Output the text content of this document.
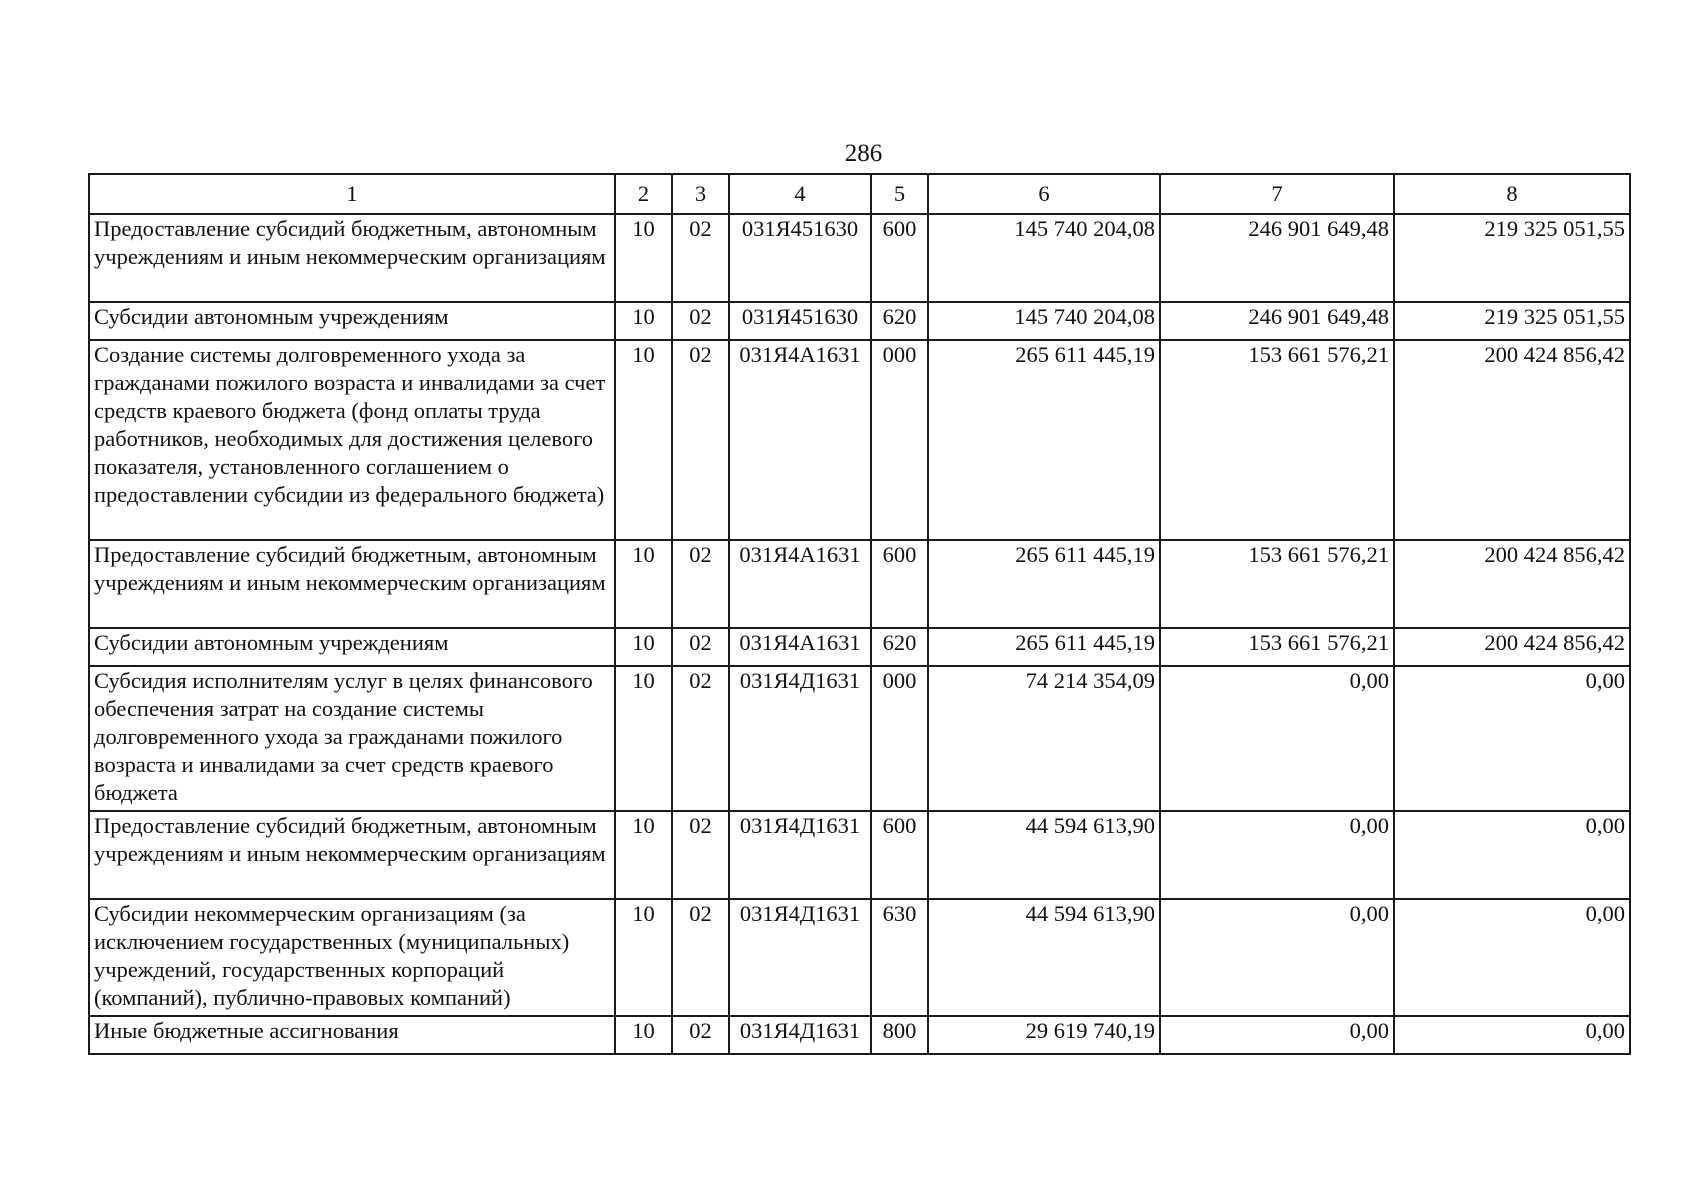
286
1	2	3	4	5	6	7	8
Предоставление субсидий бюджетным, автономным учреждениям и иным некоммерческим организациям	10	02	031Я451630	600	145 740 204,08	246 901 649,48	219 325 051,55
Субсидии автономным учреждениям	10	02	031Я451630	620	145 740 204,08	246 901 649,48	219 325 051,55
Создание системы долговременного ухода за гражданами пожилого возраста и инвалидами за счет средств краевого бюджета (фонд оплаты труда работников, необходимых для достижения целевого показателя, установленного соглашением о предоставлении субсидии из федерального бюджета)	10	02	031Я4А1631	000	265 611 445,19	153 661 576,21	200 424 856,42
Предоставление субсидий бюджетным, автономным учреждениям и иным некоммерческим организациям	10	02	031Я4А1631	600	265 611 445,19	153 661 576,21	200 424 856,42
Субсидии автономным учреждениям	10	02	031Я4А1631	620	265 611 445,19	153 661 576,21	200 424 856,42
Субсидия исполнителям услуг в целях финансового обеспечения затрат на создание системы долговременного ухода за гражданами пожилого возраста и инвалидами за счет средств краевого бюджета	10	02	031Я4Д1631	000	74 214 354,09	0,00	0,00
Предоставление субсидий бюджетным, автономным учреждениям и иным некоммерческим организациям	10	02	031Я4Д1631	600	44 594 613,90	0,00	0,00
Субсидии некоммерческим организациям (за исключением государственных (муниципальных) учреждений, государственных корпораций (компаний), публично-правовых компаний)	10	02	031Я4Д1631	630	44 594 613,90	0,00	0,00
Иные бюджетные ассигнования	10	02	031Я4Д1631	800	29 619 740,19	0,00	0,00
